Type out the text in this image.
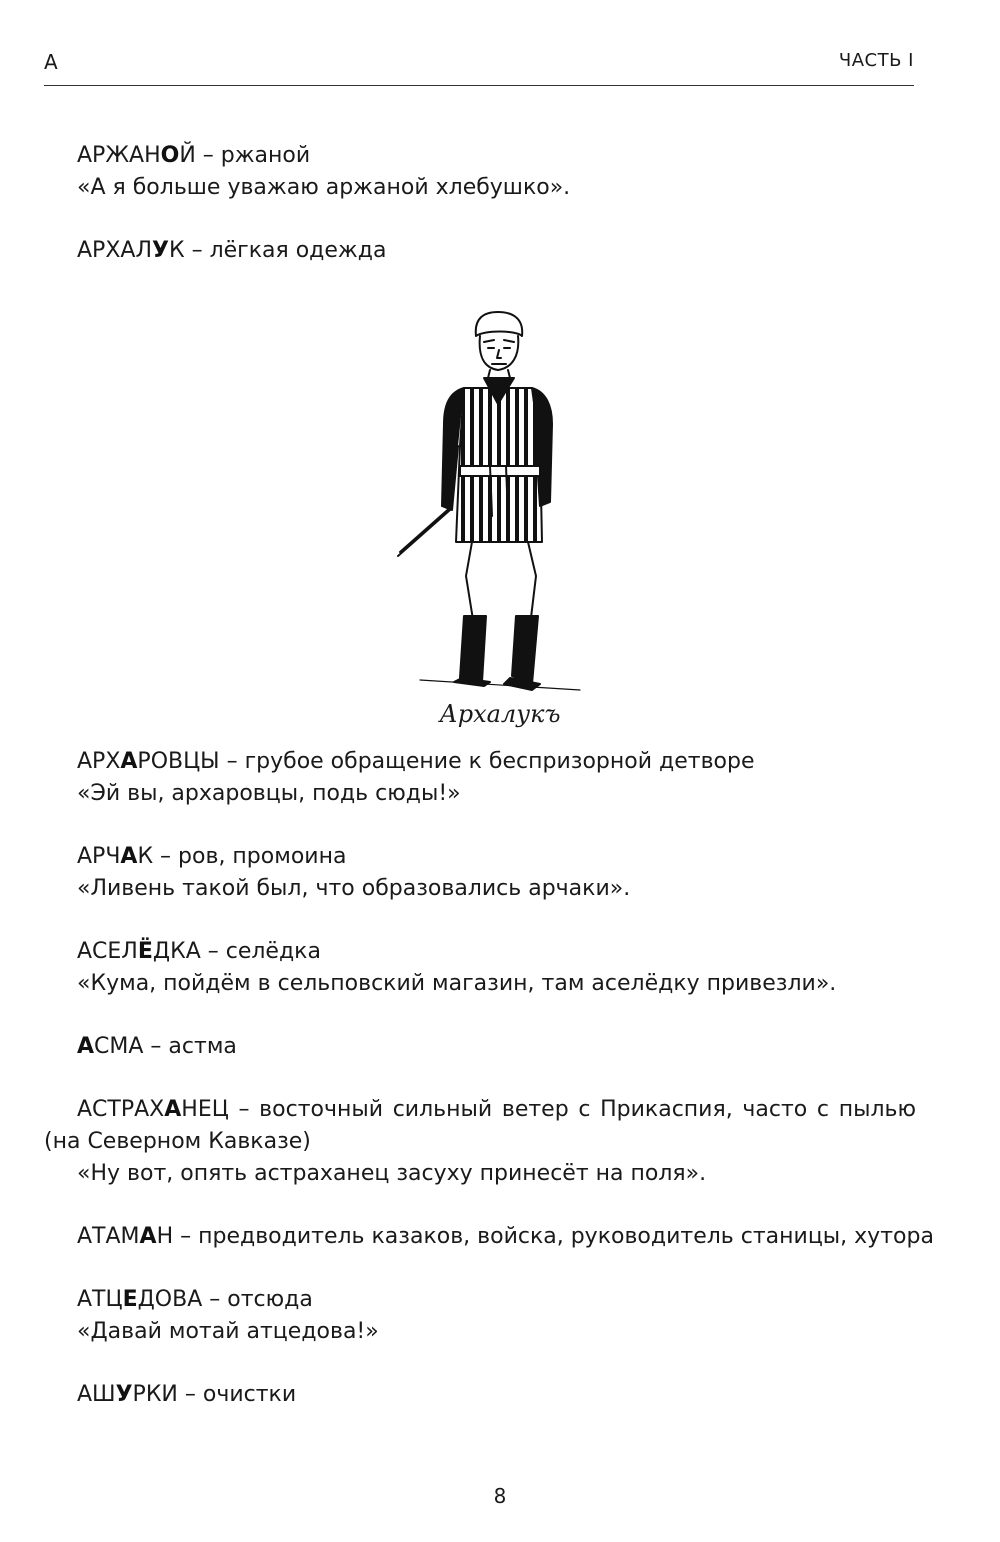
А	ЧАСТЬ I
АРЖАНОЙ – ржаной
«А я больше уважаю аржаной хлебушко».
АРХАЛУК – лёгкая одежда
АРХАРОВЦЫ – грубое обращение к беспризорной детворе
«Эй вы, архаровцы, подь сюды!»
АРЧАК – ров, промоина
«Ливень такой был, что образовались арчаки».
АСЕЛЁДКА – селёдка
«Кума, пойдём в сельповский магазин, там аселёдку привезли».
АСМА – астма
АСТРАХАНЕЦ – восточный сильный ветер с Прикаспия, часто с пылью
(на Северном Кавказе)
«Ну вот, опять астраханец засуху принесёт на поля».
АТАМАН – предводитель казаков, войска, руководитель станицы, хутора
АТЦЕДОВА – отсюда
«Давай мотай атцедова!»
АШУРКИ – очистки
Архалукъ
8
